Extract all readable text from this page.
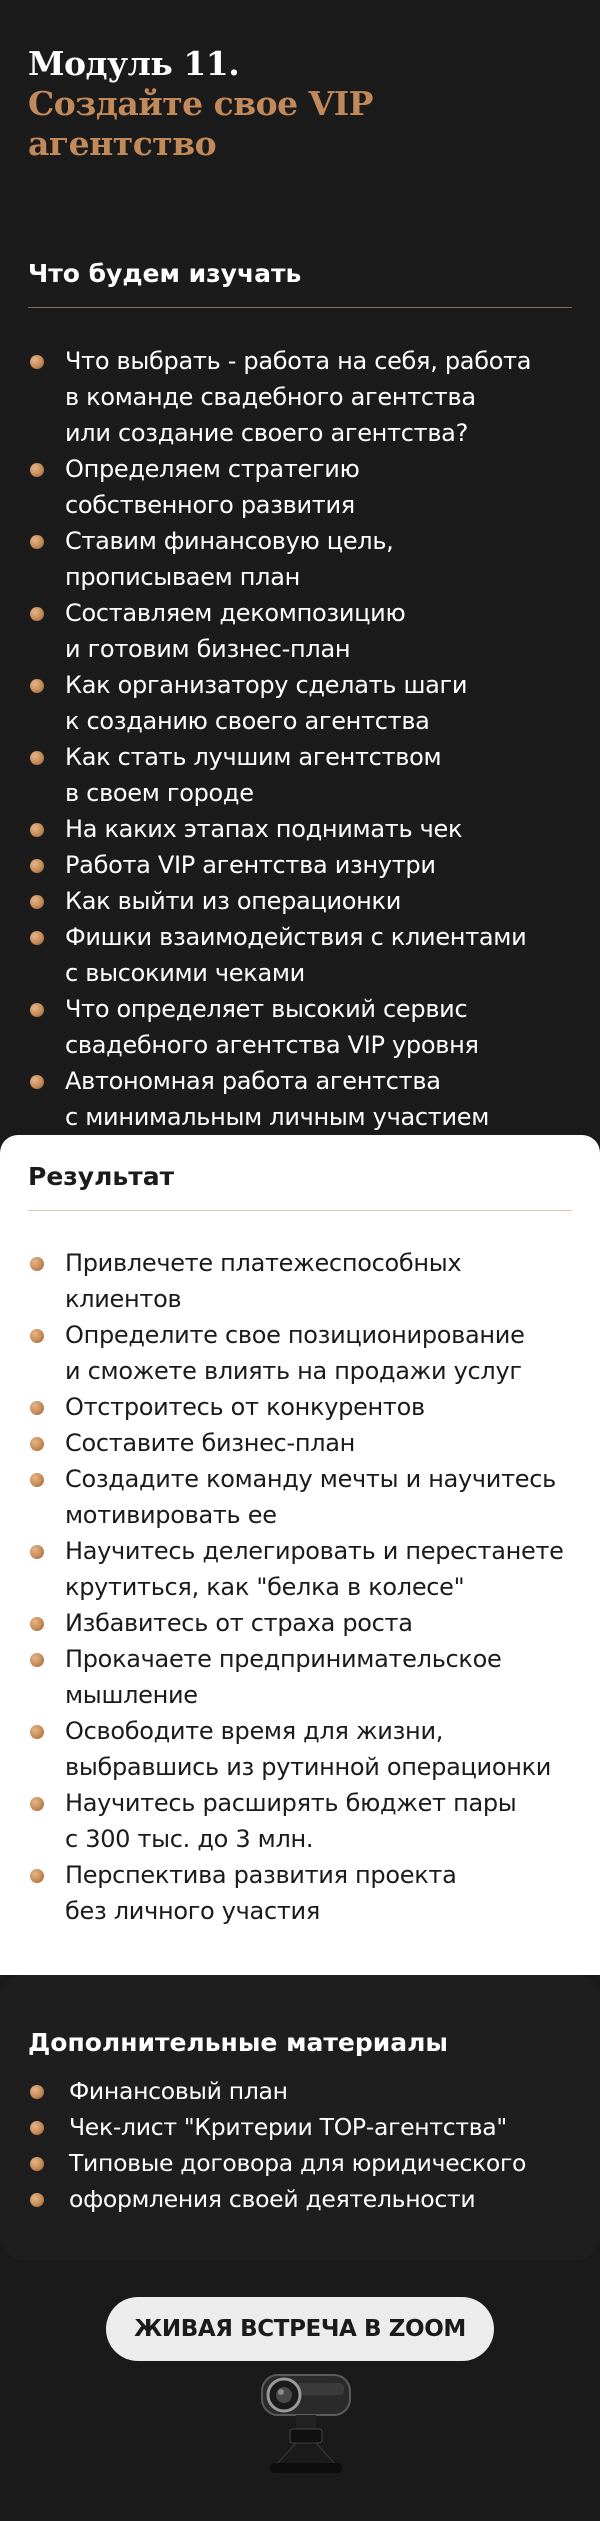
Модуль 11.
Создайте свое VIP агентство
Что будем изучать
Что выбрать - работа на себя, работа
в команде свадебного агентства
или создание своего агентства?
Определяем стратегию
собственного развития
Ставим финансовую цель,
прописываем план
Составляем декомпозицию
и готовим бизнес-план
Как организатору сделать шаги
к созданию своего агентства
Как стать лучшим агентством
в своем городе
На каких этапах поднимать чек
Работа VIP агентства изнутри
Как выйти из операционки
Фишки взаимодействия с клиентами
с высокими чеками
Что определяет высокий сервис
свадебного агентства VIP уровня
Автономная работа агентства
с минимальным личным участием
Результат
Привлечете платежеспособных
клиентов
Определите свое позиционирование
и сможете влиять на продажи услуг
Отстроитесь от конкурентов
Составите бизнес-план
Создадите команду мечты и научитесь
мотивировать ее
Научитесь делегировать и перестанете
крутиться, как "белка в колесе"
Избавитесь от страха роста
Прокачаете предпринимательское
мышление
Освободите время для жизни,
выбравшись из рутинной операционки
Научитесь расширять бюджет пары
с 300 тыс. до 3 млн.
Перспектива развития проекта
без личного участия
Дополнительные материалы
Финансовый план
Чек-лист "Критерии ТОР-агентства"
Типовые договора для юридического
оформления своей деятельности
ЖИВАЯ ВСТРЕЧА В ZOOM
